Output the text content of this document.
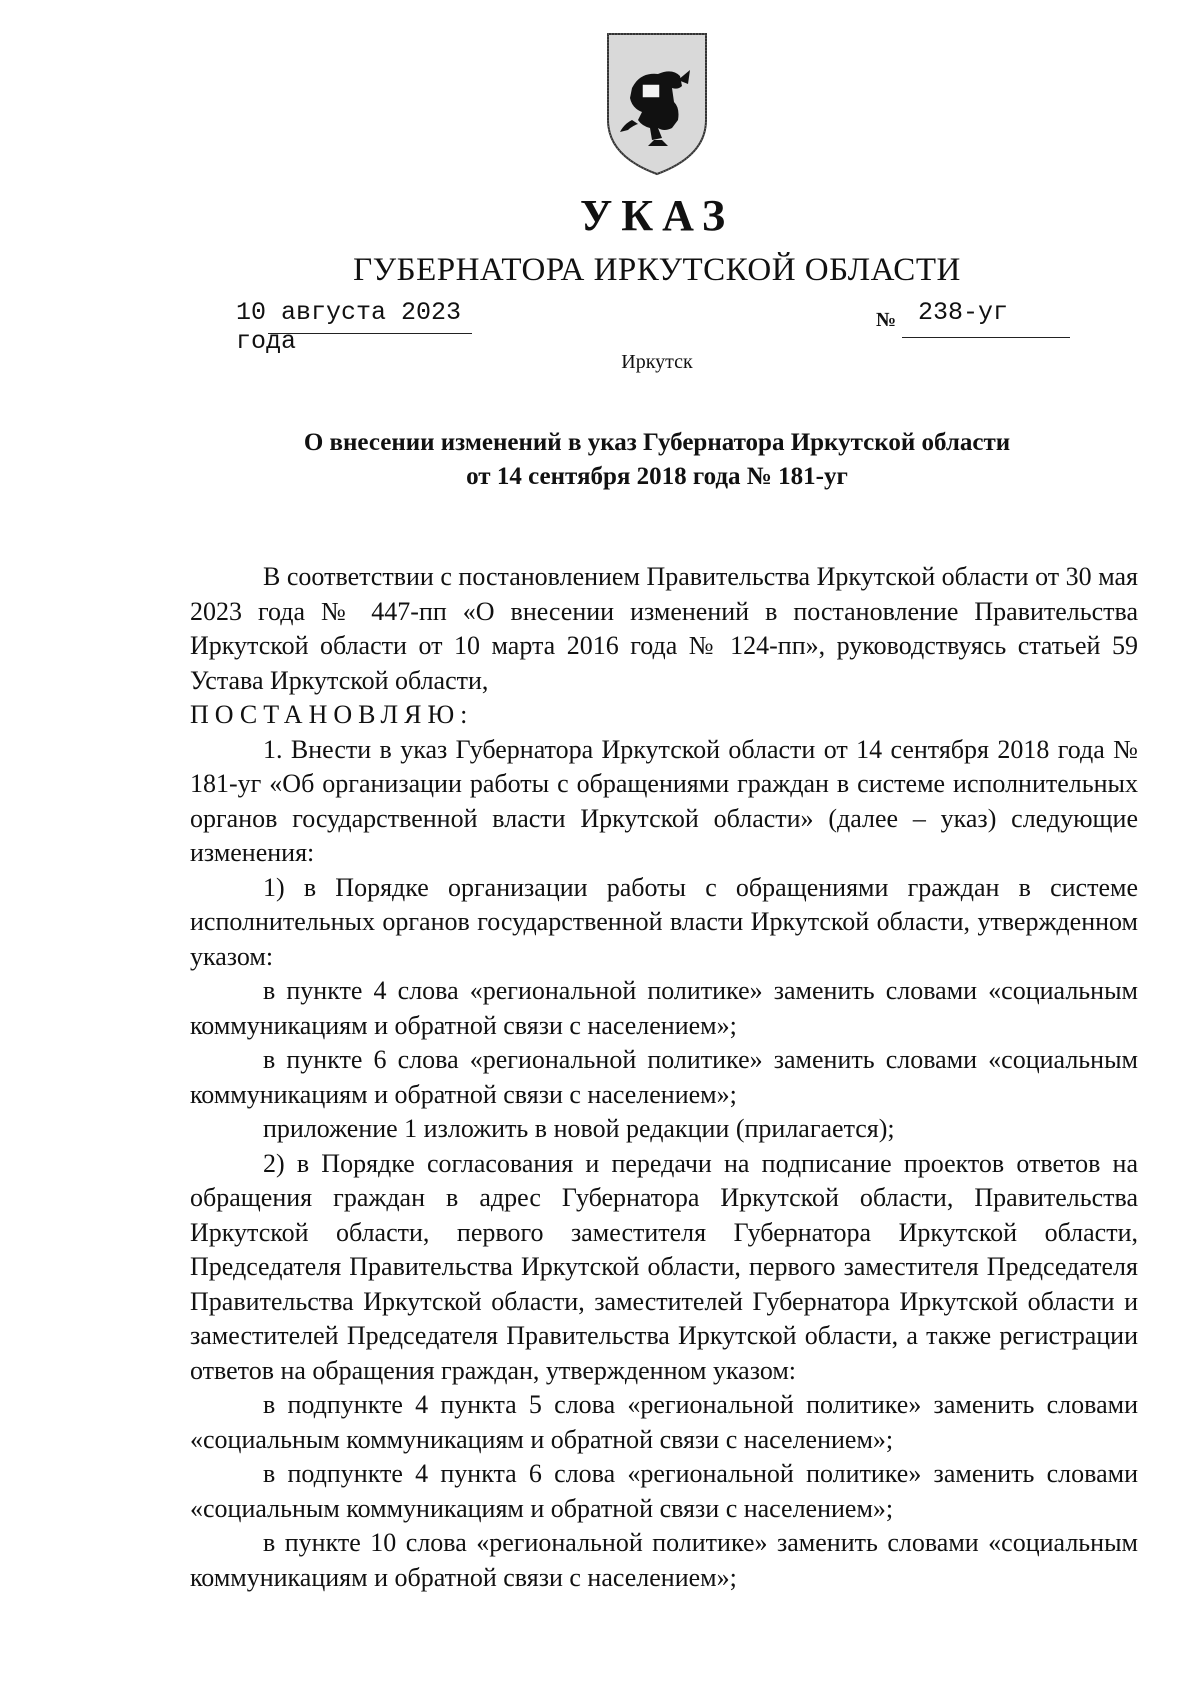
УКАЗ
ГУБЕРНАТОРА ИРКУТСКОЙ ОБЛАСТИ
10 августа 2023 года
№ 238-уг
Иркутск
О внесении изменений в указ Губернатора Иркутской области
от 14 сентября 2018 года № 181-уг

В соответствии с постановлением Правительства Иркутской области от 30 мая 2023 года № 447-пп «О внесении изменений в постановление Правительства Иркутской области от 10 марта 2016 года № 124-пп», руководствуясь статьей 59 Устава Иркутской области,

ПОСТАНОВЛЯЮ:

1. Внести в указ Губернатора Иркутской области от 14 сентября 2018 года № 181-уг «Об организации работы с обращениями граждан в системе исполнительных органов государственной власти Иркутской области» (далее – указ) следующие изменения:

1) в Порядке организации работы с обращениями граждан в системе исполнительных органов государственной власти Иркутской области, утвержденном указом:

в пункте 4 слова «региональной политике» заменить словами «социальным коммуникациям и обратной связи с населением»;

в пункте 6 слова «региональной политике» заменить словами «социальным коммуникациям и обратной связи с населением»;

приложение 1 изложить в новой редакции (прилагается);

2) в Порядке согласования и передачи на подписание проектов ответов на обращения граждан в адрес Губернатора Иркутской области, Правительства Иркутской области, первого заместителя Губернатора Иркутской области, Председателя Правительства Иркутской области, первого заместителя Председателя Правительства Иркутской области, заместителей Губернатора Иркутской области и заместителей Председателя Правительства Иркутской области, а также регистрации ответов на обращения граждан, утвержденном указом:

в подпункте 4 пункта 5 слова «региональной политике» заменить словами «социальным коммуникациям и обратной связи с населением»;

в подпункте 4 пункта 6 слова «региональной политике» заменить словами «социальным коммуникациям и обратной связи с населением»;

в пункте 10 слова «региональной политике» заменить словами «социальным коммуникациям и обратной связи с населением»;
